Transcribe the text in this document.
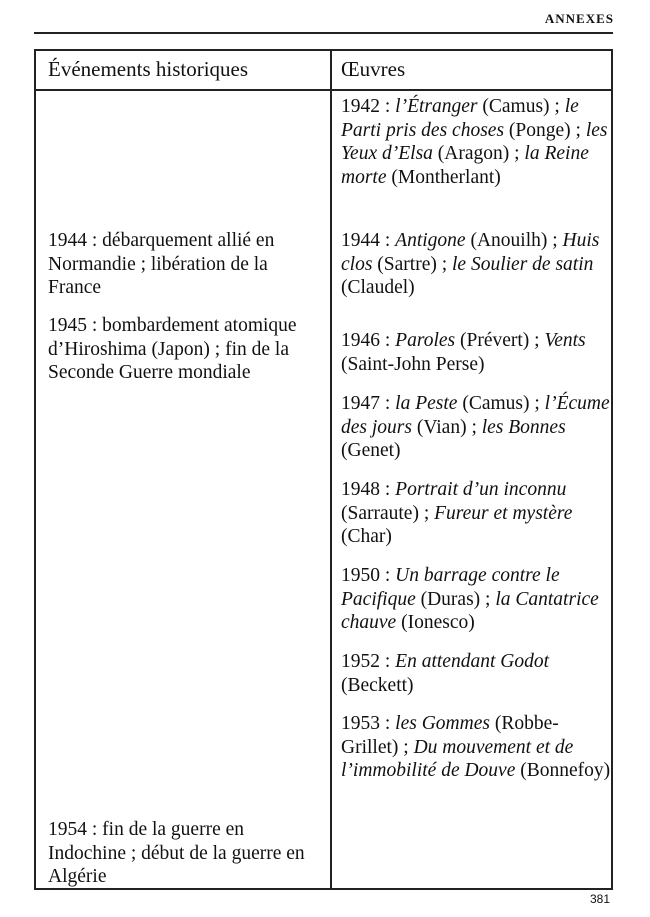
ANNEXES
Événements historiques	Œuvres
1944 : débarquement allié en Normandie ; libération de la France
1945 : bombardement atomique d’Hiroshima (Japon) ; fin de la Seconde Guerre mondiale
1954 : fin de la guerre en Indochine ; début de la guerre en Algérie
1942 : l’Étranger (Camus) ; le Parti pris des choses (Ponge) ; les Yeux d’Elsa (Aragon) ; la Reine morte (Montherlant)
1944 : Antigone (Anouilh) ; Huis clos (Sartre) ; le Soulier de satin (Claudel)
1946 : Paroles (Prévert) ; Vents (Saint-John Perse)
1947 : la Peste (Camus) ; l’Écume des jours (Vian) ; les Bonnes (Genet)
1948 : Portrait d’un inconnu (Sarraute) ; Fureur et mystère (Char)
1950 : Un barrage contre le Pacifique (Duras) ; la Cantatrice chauve (Ionesco)
1952 : En attendant Godot (Beckett)
1953 : les Gommes (Robbe-Grillet) ; Du mouvement et de l’immobilité de Douve (Bonnefoy)
381
